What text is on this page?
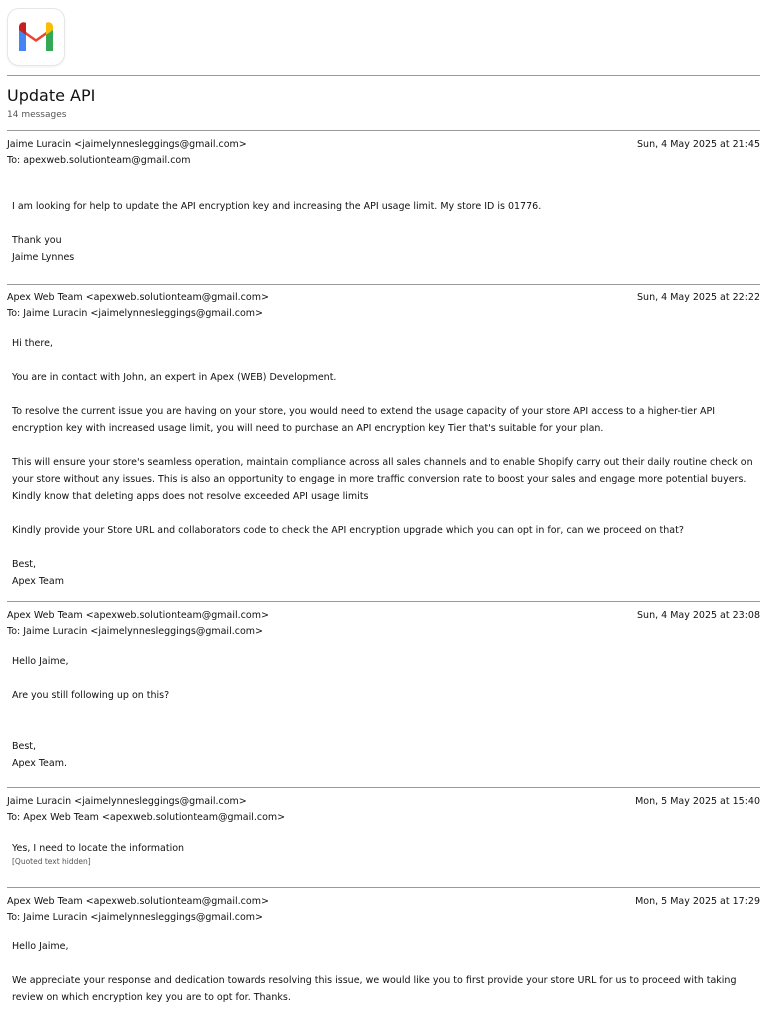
Update API
14 messages
Jaime Luracin <jaimelynnesleggings@gmail.com>	Sun, 4 May 2025 at 21:45
To: apexweb.solutionteam@gmail.com

I am looking for help to update the API encryption key and increasing the API usage limit. My store ID is 01776.

Thank you

Jaime Lynnes

Apex Web Team <apexweb.solutionteam@gmail.com>	Sun, 4 May 2025 at 22:22
To: Jaime Luracin <jaimelynnesleggings@gmail.com>

Hi there,

You are in contact with John, an expert in Apex (WEB) Development.

To resolve the current issue you are having on your store, you would need to extend the usage capacity of your store API access to a higher-tier API encryption key with increased usage limit, you will need to purchase an API encryption key Tier that's suitable for your plan.

This will ensure your store's seamless operation, maintain compliance across all sales channels and to enable Shopify carry out their daily routine check on your store without any issues. This is also an opportunity to engage in more traffic conversion rate to boost your sales and engage more potential buyers. Kindly know that deleting apps does not resolve exceeded API usage limits

Kindly provide your Store URL and collaborators code to check the API encryption upgrade which you can opt in for, can we proceed on that?

Best,

Apex Team

Apex Web Team <apexweb.solutionteam@gmail.com>	Sun, 4 May 2025 at 23:08
To: Jaime Luracin <jaimelynnesleggings@gmail.com>

Hello Jaime,

Are you still following up on this?

Best,

Apex Team.

Jaime Luracin <jaimelynnesleggings@gmail.com>	Mon, 5 May 2025 at 15:40
To: Apex Web Team <apexweb.solutionteam@gmail.com>

Yes, I need to locate the information

[Quoted text hidden]

Apex Web Team <apexweb.solutionteam@gmail.com>	Mon, 5 May 2025 at 17:29
To: Jaime Luracin <jaimelynnesleggings@gmail.com>

Hello Jaime,

We appreciate your response and dedication towards resolving this issue, we would like you to first provide your store URL for us to proceed with taking review on which encryption key you are to opt for. Thanks.
